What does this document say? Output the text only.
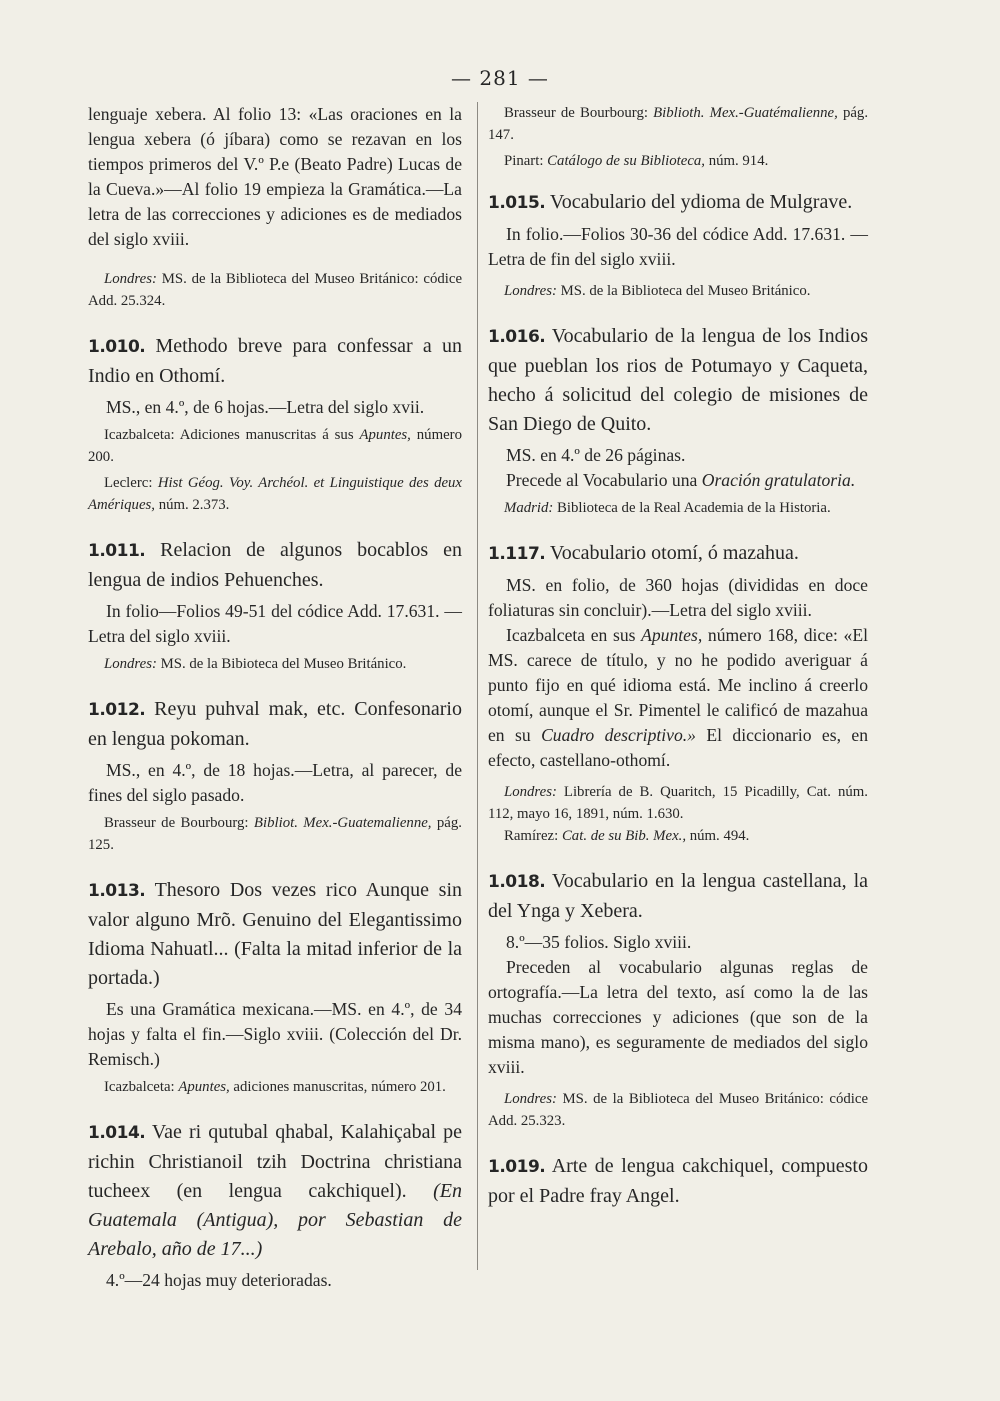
— 281 —

lenguaje xebera. Al folio 13: «Las oraciones en la lengua xebera (ó jíbara) como se rezavan en los tiempos primeros del V.º P.e (Beato Padre) Lucas de la Cueva.»—Al folio 19 empieza la Gramática.—La letra de las correcciones y adiciones es de mediados del siglo xviii.

Londres: MS. de la Biblioteca del Museo Británico: códice Add. 25.324.

1.010. Methodo breve para confessar a un Indio en Othomí.

MS., en 4.º, de 6 hojas.—Letra del siglo xvii.

Icazbalceta: Adiciones manuscritas á sus Apuntes, número 200.

Leclerc: Hist Géog. Voy. Archéol. et Linguistique des deux Amériques, núm. 2.373.

1.011. Relacion de algunos bocablos en lengua de indios Pehuenches.

In folio—Folios 49-51 del códice Add. 17.631. —Letra del siglo xviii.

Londres: MS. de la Bibioteca del Museo Británico.

1.012. Reyu puhval mak, etc. Confesonario en lengua pokoman.

MS., en 4.º, de 18 hojas.—Letra, al parecer, de fines del siglo pasado.

Brasseur de Bourbourg: Bibliot. Mex.-Guatemalienne, pág. 125.

1.013. Thesoro Dos vezes rico Aunque sin valor alguno Mrõ. Genuino del Elegantissimo Idioma Nahuatl... (Falta la mitad inferior de la portada.)

Es una Gramática mexicana.—MS. en 4.º, de 34 hojas y falta el fin.—Siglo xviii. (Colección del Dr. Remisch.)

Icazbalceta: Apuntes, adiciones manuscritas, número 201.

1.014. Vae ri qutubal qhabal, Kalahiçabal pe richin Christianoil tzih Doctrina christiana tucheex (en lengua cakchiquel). (En Guatemala (Antigua), por Sebastian de Arebalo, año de 17...)

4.º—24 hojas muy deterioradas.

Brasseur de Bourbourg: Biblioth. Mex.-Guatémalienne, pág. 147.

Pinart: Catálogo de su Biblioteca, núm. 914.

1.015. Vocabulario del ydioma de Mulgrave.

In folio.—Folios 30-36 del códice Add. 17.631. —Letra de fin del siglo xviii.

Londres: MS. de la Biblioteca del Museo Británico.

1.016. Vocabulario de la lengua de los Indios que pueblan los rios de Potumayo y Caqueta, hecho á solicitud del colegio de misiones de San Diego de Quito.

MS. en 4.º de 26 páginas.

Precede al Vocabulario una Oración gratulatoria.

Madrid: Biblioteca de la Real Academia de la Historia.

1.117. Vocabulario otomí, ó mazahua.

MS. en folio, de 360 hojas (divididas en doce foliaturas sin concluir).—Letra del siglo xviii.

Icazbalceta en sus Apuntes, número 168, dice: «El MS. carece de título, y no he podido averiguar á punto fijo en qué idioma está. Me inclino á creerlo otomí, aunque el Sr. Pimentel le calificó de mazahua en su Cuadro descriptivo.» El diccionario es, en efecto, castellano-othomí.

Londres: Librería de B. Quaritch, 15 Picadilly, Cat. núm. 112, mayo 16, 1891, núm. 1.630.

Ramírez: Cat. de su Bib. Mex., núm. 494.

1.018. Vocabulario en la lengua castellana, la del Ynga y Xebera.

8.º—35 folios. Siglo xviii.

Preceden al vocabulario algunas reglas de ortografía.—La letra del texto, así como la de las muchas correcciones y adiciones (que son de la misma mano), es seguramente de mediados del siglo xviii.

Londres: MS. de la Biblioteca del Museo Británico: códice Add. 25.323.

1.019. Arte de lengua cakchiquel, compuesto por el Padre fray Angel.
